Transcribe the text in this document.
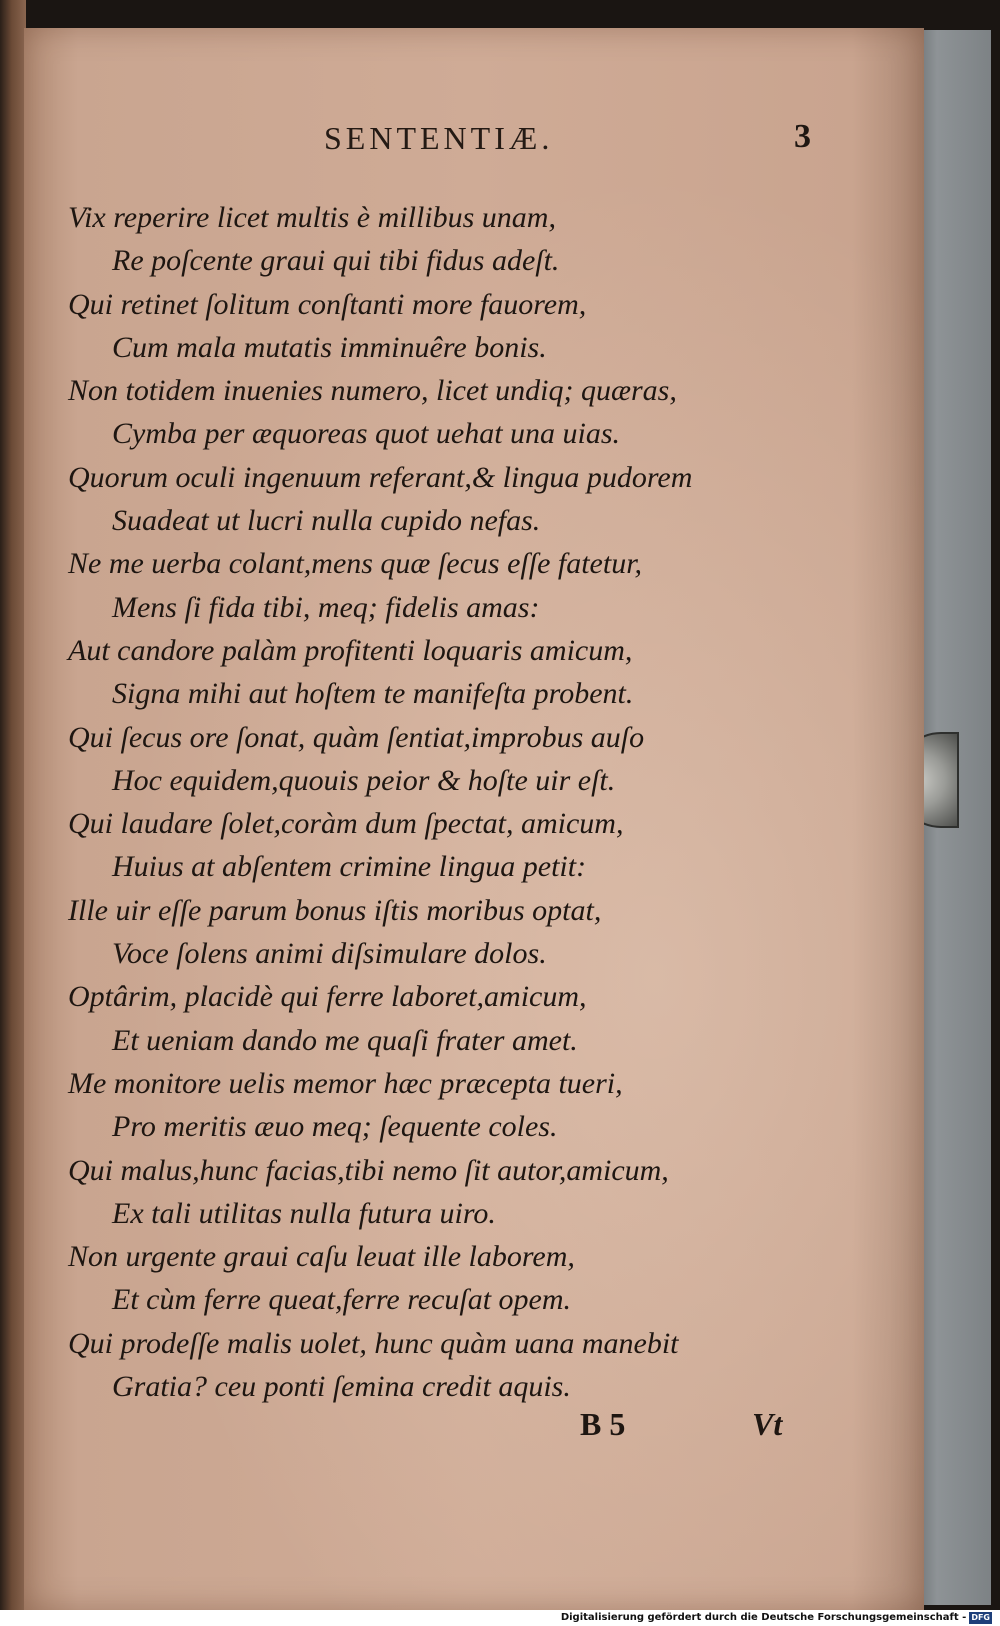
SENTENTIÆ.	3
Vix reperire licet multis è millibus unam,
Re poſcente graui qui tibi fidus adeſt.
Qui retinet ſolitum conſtanti more fauorem,
Cum mala mutatis imminuêre bonis.
Non totidem inuenies numero, licet undiq; quæras,
Cymba per æquoreas quot uehat una uias.
Quorum oculi ingenuum referant,& lingua pudorem
Suadeat ut lucri nulla cupido nefas.
Ne me uerba colant,mens quæ ſecus eſſe fatetur,
Mens ſi fida tibi, meq; fidelis amas:
Aut candore palàm profitenti loquaris amicum,
Signa mihi aut hoſtem te manifeſta probent.
Qui ſecus ore ſonat, quàm ſentiat,improbus auſo
Hoc equidem,quouis peior & hoſte uir eſt.
Qui laudare ſolet,coràm dum ſpectat, amicum,
Huius at abſentem crimine lingua petit:
Ille uir eſſe parum bonus iſtis moribus optat,
Voce ſolens animi diſsimulare dolos.
Optârim, placidè qui ferre laboret,amicum,
Et ueniam dando me quaſi frater amet.
Me monitore uelis memor hæc præcepta tueri,
Pro meritis æuo meq; ſequente coles.
Qui malus,hunc facias,tibi nemo ſit autor,amicum,
Ex tali utilitas nulla futura uiro.
Non urgente graui caſu leuat ille laborem,
Et cùm ferre queat,ferre recuſat opem.
Qui prodeſſe malis uolet, hunc quàm uana manebit
Gratia? ceu ponti ſemina credit aquis.
B 5	Vt
Digitalisierung gefördert durch die Deutsche Forschungsgemeinschaft - DFG
